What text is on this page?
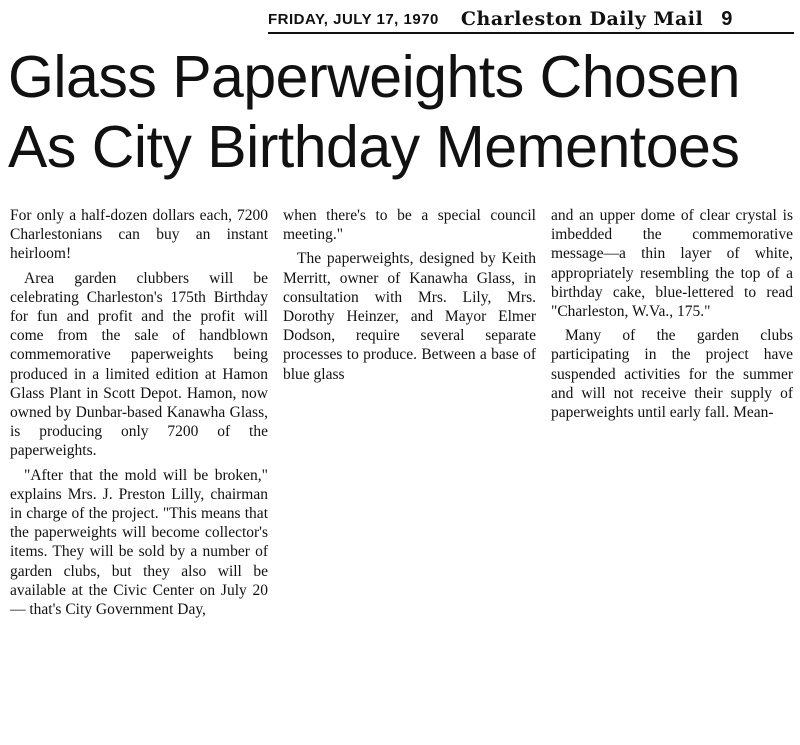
FRIDAY, JULY 17, 1970 Charleston Daily Mail 9
Glass Paperweights Chosen
As City Birthday Mementoes

For only a half-dozen dollars each, 7200 Charlestonians can buy an instant heirloom!

Area garden clubbers will be celebrating Charleston's 175th Birthday for fun and profit and the profit will come from the sale of handblown commemorative paperweights being produced in a limited edition at Hamon Glass Plant in Scott Depot. Hamon, now owned by Dunbar-based Kanawha Glass, is producing only 7200 of the paperweights.

"After that the mold will be broken," explains Mrs. J. Preston Lilly, chairman in charge of the project. "This means that the paperweights will become collector's items. They will be sold by a number of garden clubs, but they also will be available at the Civic Center on July 20 — that's City Government Day,

when there's to be a special council meeting."

The paperweights, designed by Keith Merritt, owner of Kanawha Glass, in consultation with Mrs. Lily, Mrs. Dorothy Heinzer, and Mayor Elmer Dodson, require several separate processes to produce. Between a base of blue glass

and an upper dome of clear crystal is imbedded the commemorative message—a thin layer of white, appropriately resembling the top of a birthday cake, blue-lettered to read "Charleston, W.Va., 175."

Many of the garden clubs participating in the project have suspended activities for the summer and will not receive their supply of paperweights until early fall. Mean-
